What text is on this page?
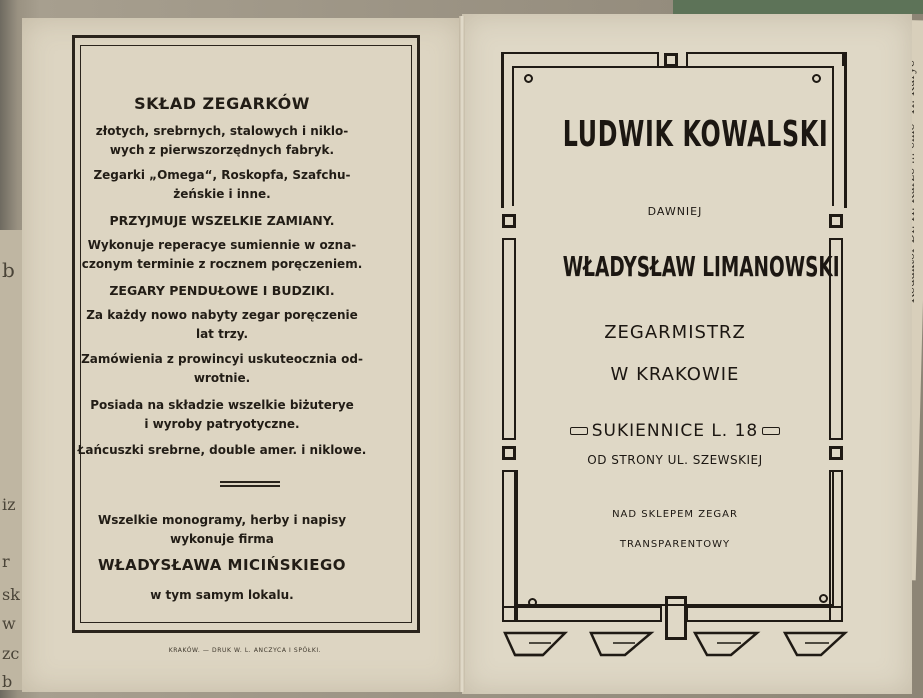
b
iz
r
sk
w
zc
b
SKŁAD ZEGARKÓW
złotych, srebrnych, stalowych i niklo-
wych z pierwszorzędnych fabryk.
Zegarki „Omega“, Roskopfa, Szafchu-
żeńskie i inne.
PRZYJMUJE WSZELKIE ZAMIANY.
Wykonuje reperacye sumiennie w ozna-
czonym terminie z rocznem poręczeniem.
ZEGARY PENDUŁOWE I BUDZIKI.
Za każdy nowo nabyty zegar poręczenie
lat trzy.
Zamówienia z prowincyi uskuteocznia od-
wrotnie.
Posiada na składzie wszelkie biżuterye
i wyroby patryotyczne.
Łańcuszki srebrne, double amer. i niklowe.
Wszelkie monogramy, herby i napisy
wykonuje firma
WŁADYSŁAWA MICIŃSKIEGO
w tym samym lokalu.
KRAKÓW. — DRUK W. L. ANCZYCA I SPÓŁKI.
LUDWIK KOWALSKI
DAWNIEJ
WŁADYSŁAW LIMANOWSKI
ZEGARMISTRZ
W KRAKOWIE
SUKIENNICE L. 18
OD STRONY UL. SZEWSKIEJ
NAD SKLEPEM ZEGAR
TRANSPARENTOWY
